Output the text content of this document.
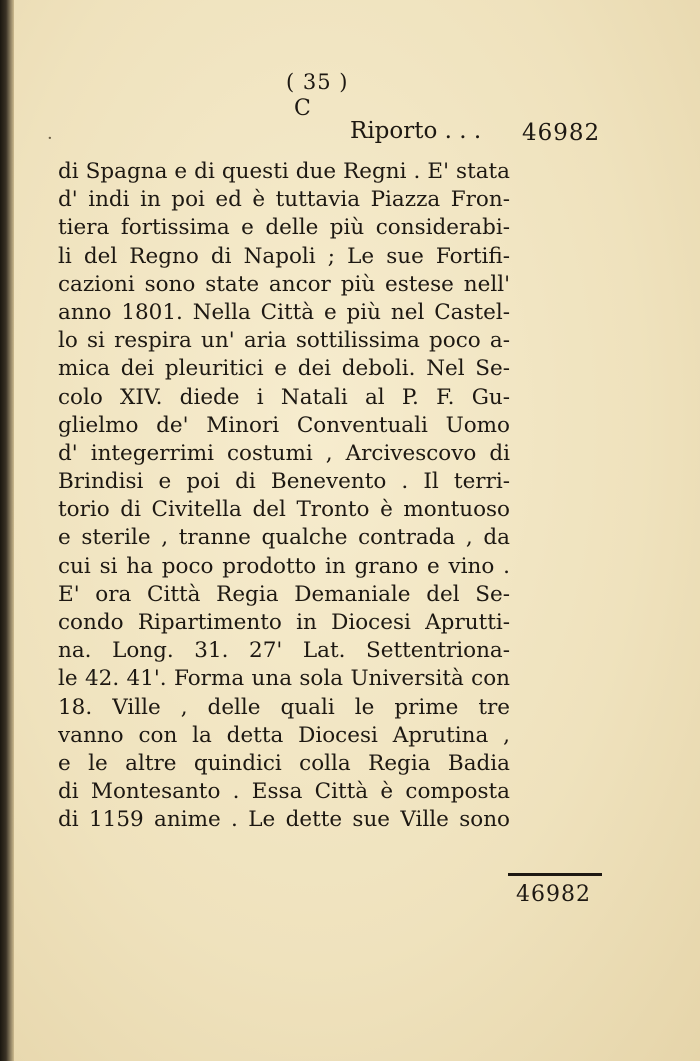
( 35 )
C
·	Riporto . . . 46982
di Spagna e di questi due Regni . E' stata
d' indi in poi ed è tuttavia Piazza Fron-
tiera fortissima e delle più considerabi-
li del Regno di Napoli ; Le sue Fortifi-
cazioni sono state ancor più estese nell'
anno 1801. Nella Città e più nel Castel-
lo si respira un' aria sottilissima poco a-
mica dei pleuritici e dei deboli. Nel Se-
colo XIV. diede i Natali al P. F. Gu-
glielmo de' Minori Conventuali Uomo
d' integerrimi costumi , Arcivescovo di
Brindisi e poi di Benevento . Il terri-
torio di Civitella del Tronto è montuoso
e sterile , tranne qualche contrada , da
cui si ha poco prodotto in grano e vino .
E' ora Città Regia Demaniale del Se-
condo Ripartimento in Diocesi Aprutti-
na. Long. 31. 27' Lat. Settentriona-
le 42. 41'. Forma una sola Università con
18. Ville , delle quali le prime tre
vanno con la detta Diocesi Aprutina ,
e le altre quindici colla Regia Badia
di Montesanto . Essa Città è composta
di 1159 anime . Le dette sue Ville sono
46982
